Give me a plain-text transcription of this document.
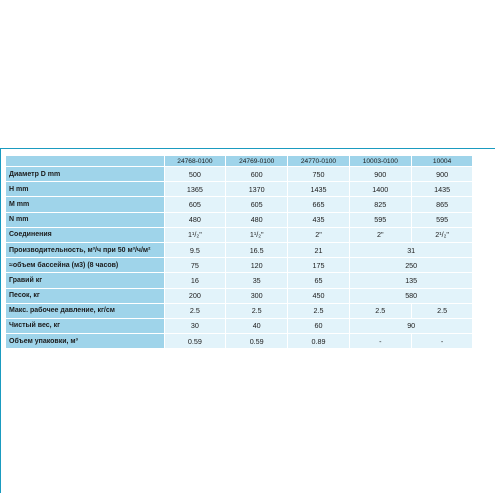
	24768-0100	24769-0100	24770-0100	10003-0100	10004
Диаметр D mm	500	600	750	900	900
H mm	1365	1370	1435	1400	1435
M mm	605	605	665	825	865
N mm	480	480	435	595	595
Соединения	1¹/₂"	1¹/₂"	2"	2"	2¹/₂"
Производительность, м³/ч при 50 м³/ч/м²	9.5	16.5	21	31	
≈объем бассейна (м3) (8 часов)	75	120	175	250	
Гравий кг	16	35	65	135	
Песок, кг	200	300	450	580	
Макс. рабочее давление, кг/см	2.5	2.5	2.5	2.5	2.5
Чистый вес, кг	30	40	60	90	
Объем упаковки, м³	0.59	0.59	0.89	-	-
